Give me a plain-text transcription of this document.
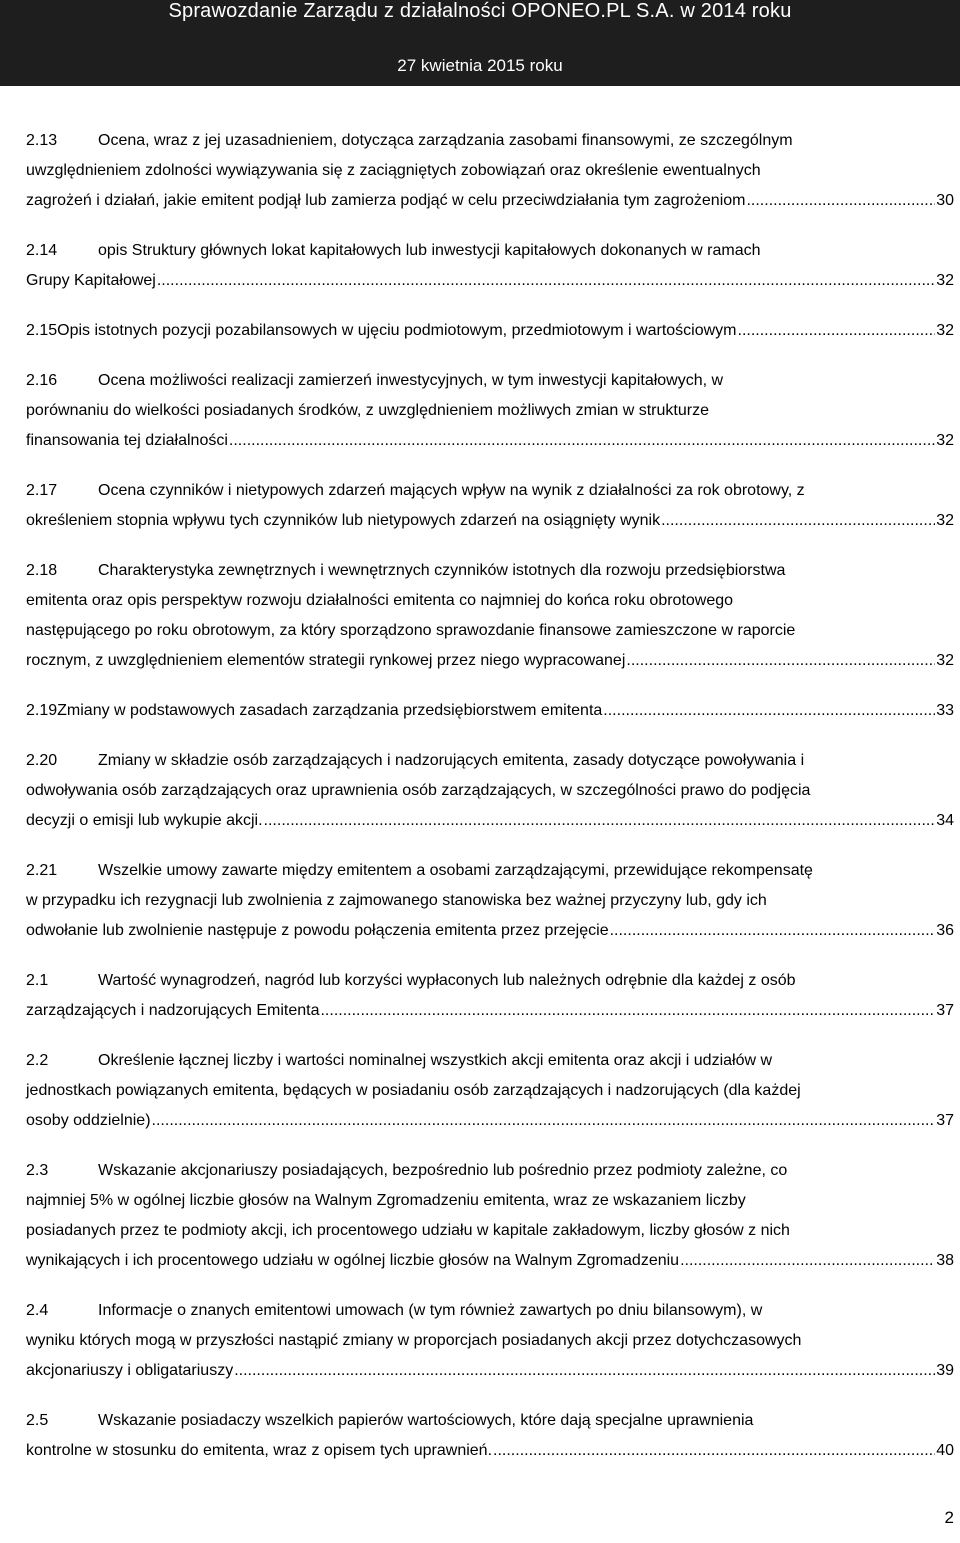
Sprawozdanie Zarządu z działalności OPONEO.PL S.A. w 2014 roku
27 kwietnia 2015 roku
2.13	Ocena, wraz z jej uzasadnieniem, dotycząca zarządzania zasobami finansowymi, ze szczególnym
uwzględnieniem zdolności wywiązywania się z zaciągniętych zobowiązań oraz określenie ewentualnych
zagrożeń i działań, jakie emitent podjął lub zamierza podjąć w celu przeciwdziałania tym zagrożeniom .....	30
2.14	opis Struktury głównych lokat kapitałowych lub inwestycji kapitałowych dokonanych w ramach
Grupy Kapitałowej .....	32
2.15 Opis istotnych pozycji pozabilansowych w ujęciu podmiotowym, przedmiotowym i wartościowym .....	32
2.16	Ocena możliwości realizacji zamierzeń inwestycyjnych, w tym inwestycji kapitałowych, w
porównaniu do wielkości posiadanych środków, z uwzględnieniem możliwych zmian w strukturze
finansowania tej działalności .....	32
2.17	Ocena czynników i nietypowych zdarzeń mających wpływ na wynik z działalności za rok obrotowy, z
określeniem stopnia wpływu tych czynników lub nietypowych zdarzeń na osiągnięty wynik .....	32
2.18	Charakterystyka zewnętrznych i wewnętrznych czynników istotnych dla rozwoju przedsiębiorstwa
emitenta oraz opis perspektyw rozwoju działalności emitenta co najmniej do końca roku obrotowego
następującego po roku obrotowym, za który sporządzono sprawozdanie finansowe zamieszczone w raporcie
rocznym, z uwzględnieniem elementów strategii rynkowej przez niego wypracowanej .....	32
2.19 Zmiany w podstawowych zasadach zarządzania przedsiębiorstwem emitenta .....	33
2.20	Zmiany w składzie osób zarządzających i nadzorujących emitenta, zasady dotyczące powoływania i
odwoływania osób zarządzających oraz uprawnienia osób zarządzających, w szczególności prawo do podjęcia
decyzji o emisji lub wykupie akcji. .....	34
2.21	Wszelkie umowy zawarte między emitentem a osobami zarządzającymi, przewidujące rekompensatę
w przypadku ich rezygnacji lub zwolnienia z zajmowanego stanowiska bez ważnej przyczyny lub, gdy ich
odwołanie lub zwolnienie następuje z powodu połączenia emitenta przez przejęcie .....	36
2.1	Wartość wynagrodzeń, nagród lub korzyści wypłaconych lub należnych odrębnie dla każdej z osób
zarządzających i nadzorujących Emitenta .....	37
2.2	Określenie łącznej liczby i wartości nominalnej wszystkich akcji emitenta oraz akcji i udziałów w
jednostkach powiązanych emitenta, będących w posiadaniu osób zarządzających i nadzorujących (dla każdej
osoby oddzielnie) .....	37
2.3	Wskazanie akcjonariuszy posiadających, bezpośrednio lub pośrednio przez podmioty zależne, co
najmniej 5% w ogólnej liczbie głosów na Walnym Zgromadzeniu emitenta, wraz ze wskazaniem liczby
posiadanych przez te podmioty akcji, ich procentowego udziału w kapitale zakładowym, liczby głosów z nich
wynikających i ich procentowego udziału w ogólnej liczbie głosów na Walnym Zgromadzeniu .....	38
2.4	Informacje o znanych emitentowi umowach (w tym również zawartych po dniu bilansowym), w
wyniku których mogą w przyszłości nastąpić zmiany w proporcjach posiadanych akcji przez dotychczasowych
akcjonariuszy i obligatariuszy .....	39
2.5	Wskazanie posiadaczy wszelkich papierów wartościowych, które dają specjalne uprawnienia
kontrolne w stosunku do emitenta, wraz z opisem tych uprawnień. .....	40
2
